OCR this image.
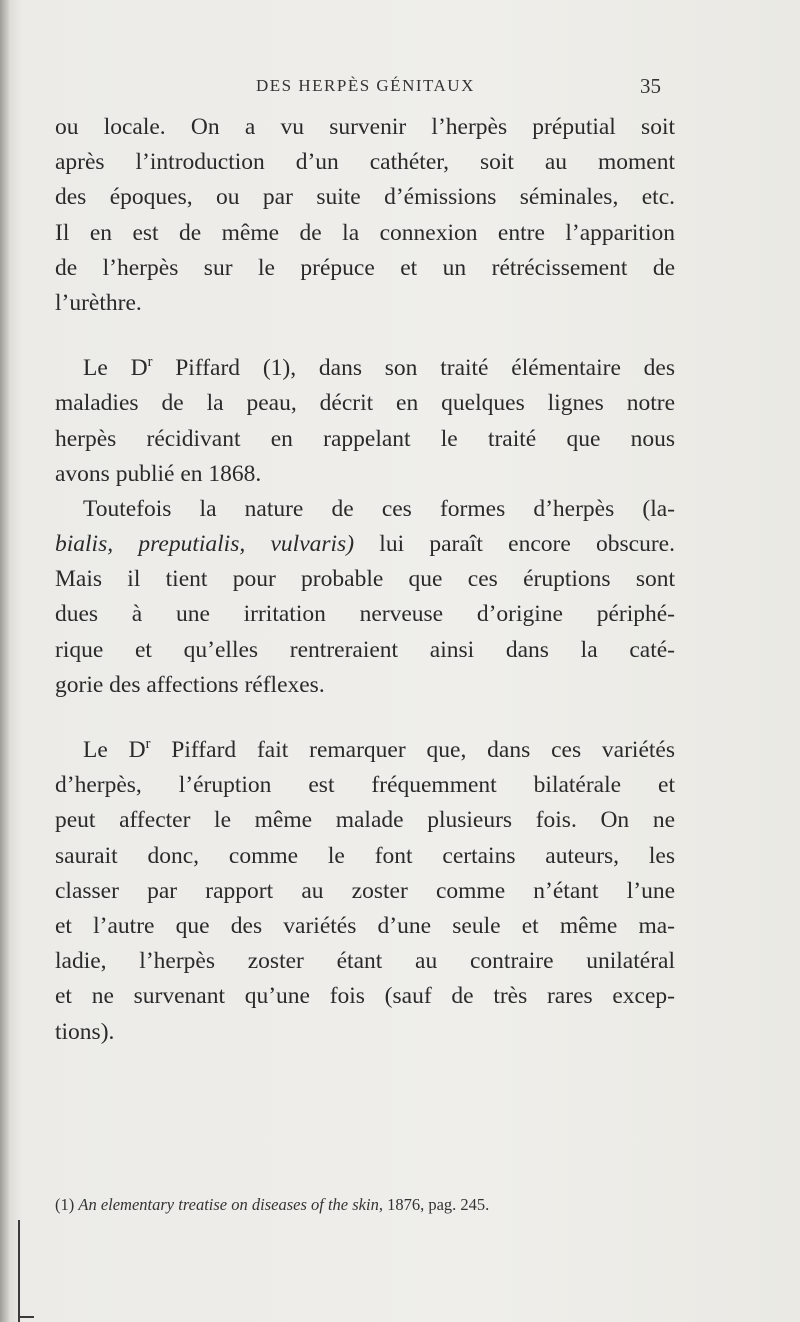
DES HERPÈS GÉNITAUX	35

ou locale. On a vu survenir l’herpès préputial soit
après l’introduction d’un cathéter, soit au moment
des époques, ou par suite d’émissions séminales, etc.
Il en est de même de la connexion entre l’apparition
de l’herpès sur le prépuce et un rétrécissement de
l’urèthre.

Le $D^r$ Piffard (1), dans son traité élémentaire des
maladies de la peau, décrit en quelques lignes notre
herpès récidivant en rappelant le traité que nous
avons publié en 1868.

Toutefois la nature de ces formes d’herpès (la-
bialis, preputialis, vulvaris) lui paraît encore obscure.
Mais il tient pour probable que ces éruptions sont
dues à une irritation nerveuse d’origine périphé-
rique et qu’elles rentreraient ainsi dans la caté-
gorie des affections réflexes.

Le $D^r$ Piffard fait remarquer que, dans ces variétés
d’herpès, l’éruption est fréquemment bilatérale et
peut affecter le même malade plusieurs fois. On ne
saurait donc, comme le font certains auteurs, les
classer par rapport au zoster comme n’étant l’une
et l’autre que des variétés d’une seule et même ma-
ladie, l’herpès zoster étant au contraire unilatéral
et ne survenant qu’une fois (sauf de très rares excep-
tions).

(1) An elementary treatise on diseases of the skin, 1876, pag. 245.
